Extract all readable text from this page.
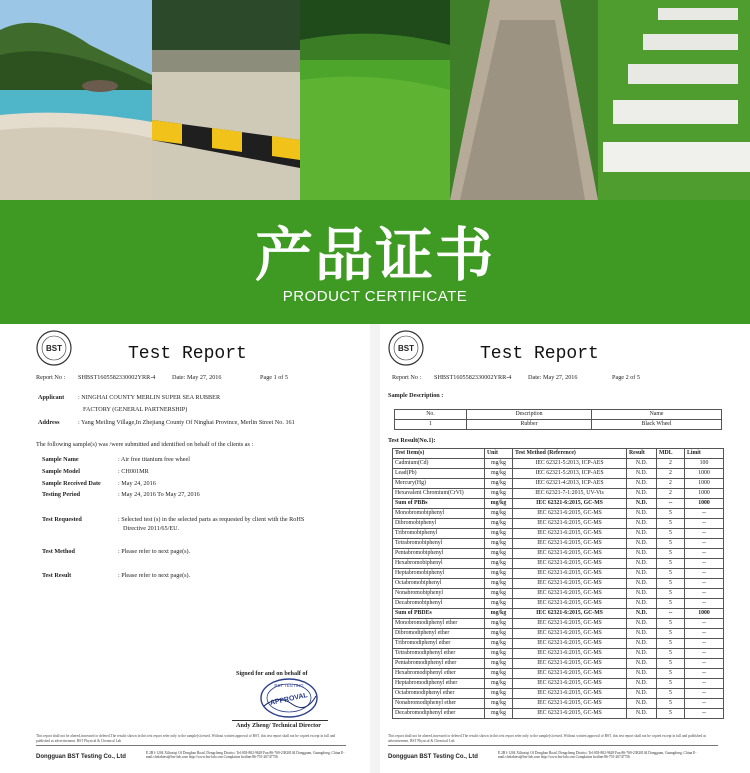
产品证书
PRODUCT CERTIFICATE
BST	Test Report
Report No : SHBST1605582330002YRR-4	Date: May 27, 2016	Page 1 of 5
Applicant : NINGHAI COUNTY MERLIN SUPER SEA RUBBER
FACTORY (GENERAL PARTNERSHIP)
Address	: Yang Meiling Village,In Zhejiang County Of Ninghai Province, Merlin Street No. 161
The following sample(s) was /were submitted and identified on behalf of the clients as :
Sample Name	: Air free titanium free wheel
Sample Model	: CH001MR
Sample Received Date	: May 24, 2016
Testing Period	: May 24, 2016 To May 27, 2016
Test Requested	: Selected test (s) in the selected parts as requested by client with the RoHS
Directive 2011/65/EU.
Test Method	: Please refer to next page(s).
Test Result	: Please refer to next page(s).
Signed for and on behalf of
BST TESTING
APPROVAL
Andy Zheng/ Technical Director
This report shall not be altered,increased or deleted.The results shown in this test report refer only to the sample(s) tested. Without written approval of BST, this test report shall not be copied except in full and published as advertisement. BST Physical & Chemical Lab
Dongguan BST Testing Co., Ltd
E.2B1-1204 Xiliuxiqi Of Dongbao Road, Dongcheng District. Tel:003-882-9628 Fax:86-769-23820104 Dongguan, Guangdong, China E-mail:chelabtest@bst-lab.com http://www.bst-lab.com Complaints hotline:86-755-26747756
BST	Test Report
Report No : SHBST1605582330002YRR-4	Date: May 27, 2016	Page 2 of 5
Sample Description :
No.	Description	Name
1	Rubber	Black Wheel
Test Result(No.1):
Test Item(s)	Unit	Test Method (Reference)	Result	MDL	Limit
Cadmium(Cd)	mg/kg	IEC 62321-5:2013, ICP-AES	N.D.	2	100
Lead(Pb)	mg/kg	IEC 62321-5:2013, ICP-AES	N.D.	2	1000
Mercury(Hg)	mg/kg	IEC 62321-4:2013, ICP-AES	N.D.	2	1000
Hexavalent Chromium(CrVI)	mg/kg	IEC 62321-7-1:2015, UV-Vis	N.D.	2	1000
Sum of PBBs	mg/kg	IEC 62321-6:2015, GC-MS	N.D.	--	1000
Monobromobiphenyl	mg/kg	IEC 62321-6:2015, GC-MS	N.D.	5	--
Dibromobiphenyl	mg/kg	IEC 62321-6:2015, GC-MS	N.D.	5	--
Tribromobiphenyl	mg/kg	IEC 62321-6:2015, GC-MS	N.D.	5	--
Tetrabromobiphenyl	mg/kg	IEC 62321-6:2015, GC-MS	N.D.	5	--
Pentabromobiphenyl	mg/kg	IEC 62321-6:2015, GC-MS	N.D.	5	--
Hexabromobiphenyl	mg/kg	IEC 62321-6:2015, GC-MS	N.D.	5	--
Heptabromobiphenyl	mg/kg	IEC 62321-6:2015, GC-MS	N.D.	5	--
Octabromobiphenyl	mg/kg	IEC 62321-6:2015, GC-MS	N.D.	5	--
Nonabromobiphenyl	mg/kg	IEC 62321-6:2015, GC-MS	N.D.	5	--
Decabromobiphenyl	mg/kg	IEC 62321-6:2015, GC-MS	N.D.	5	--
Sum of PBDEs	mg/kg	IEC 62321-6:2015, GC-MS	N.D.	--	1000
Monobromodiphenyl ether	mg/kg	IEC 62321-6:2015, GC-MS	N.D.	5	--
Dibromodiphenyl ether	mg/kg	IEC 62321-6:2015, GC-MS	N.D.	5	--
Tribromodiphenyl ether	mg/kg	IEC 62321-6:2015, GC-MS	N.D.	5	--
Tetrabromodiphenyl ether	mg/kg	IEC 62321-6:2015, GC-MS	N.D.	5	--
Pentabromodiphenyl ether	mg/kg	IEC 62321-6:2015, GC-MS	N.D.	5	--
Hexabromodiphenyl ether	mg/kg	IEC 62321-6:2015, GC-MS	N.D.	5	--
Heptabromodiphenyl ether	mg/kg	IEC 62321-6:2015, GC-MS	N.D.	5	--
Octabromodiphenyl ether	mg/kg	IEC 62321-6:2015, GC-MS	N.D.	5	--
Nonabromodiphenyl ether	mg/kg	IEC 62321-6:2015, GC-MS	N.D.	5	--
Decabromodiphenyl ether	mg/kg	IEC 62321-6:2015, GC-MS	N.D.	5	--
This report shall not be altered,increased or deleted.The results shown in this test report refer only to the sample(s) tested. Without written approval of BST, this test report shall not be copied except in full and published as advertisement. BST Physical & Chemical Lab
Dongguan BST Testing Co., Ltd
E.2B1-1204 Xiliuxiqi Of Dongbao Road, Dongcheng District. Tel:003-882-9628 Fax:86-769-23820104 Dongguan, Guangdong, China E-mail:chelabtest@bst-lab.com http://www.bst-lab.com Complaints hotline:86-755-26747756
